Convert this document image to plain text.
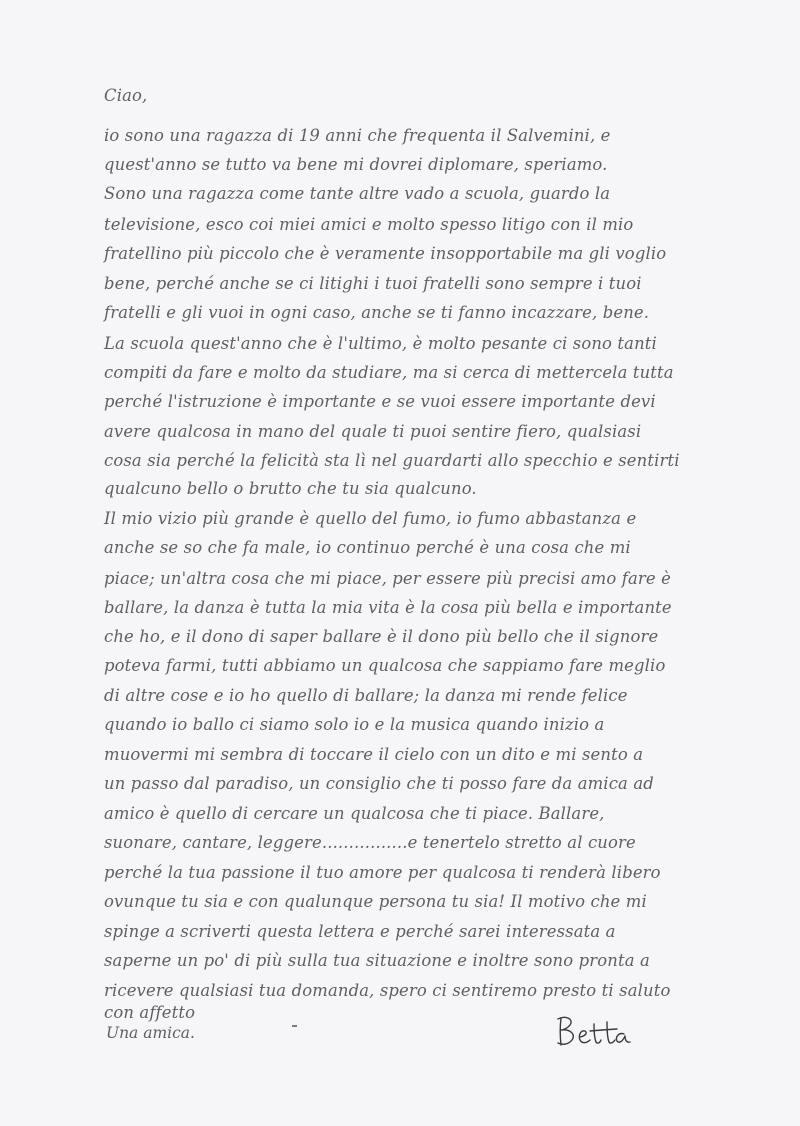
Ciao,
io sono una ragazza di 19 anni che frequenta il Salvemini, e
quest'anno se tutto va bene mi dovrei diplomare, speriamo.
Sono una ragazza come tante altre vado a scuola, guardo la
televisione, esco coi miei amici e molto spesso litigo con il mio
fratellino più piccolo che è veramente insopportabile ma gli voglio
bene, perché anche se ci litighi i tuoi fratelli sono sempre i tuoi
fratelli e gli vuoi in ogni caso, anche se ti fanno incazzare, bene.
La scuola quest'anno che è l'ultimo, è molto pesante ci sono tanti
compiti da fare e molto da studiare, ma si cerca di mettercela tutta
perché l'istruzione è importante e se vuoi essere importante devi
avere qualcosa in mano del quale ti puoi sentire fiero, qualsiasi
cosa sia perché la felicità sta lì nel guardarti allo specchio e sentirti
qualcuno bello o brutto che tu sia qualcuno.
Il mio vizio più grande è quello del fumo, io fumo abbastanza e
anche se so che fa male, io continuo perché è una cosa che mi
piace; un'altra cosa che mi piace, per essere più precisi amo fare è
ballare, la danza è tutta la mia vita è la cosa più bella e importante
che ho, e il dono di saper ballare è il dono più bello che il signore
poteva farmi, tutti abbiamo un qualcosa che sappiamo fare meglio
di altre cose e io ho quello di ballare; la danza mi rende felice
quando io ballo ci siamo solo io e la musica quando inizio a
muovermi mi sembra di toccare il cielo con un dito e mi sento a
un passo dal paradiso, un consiglio che ti posso fare da amica ad
amico è quello di cercare un qualcosa che ti piace. Ballare,
suonare, cantare, leggere................e tenertelo stretto al cuore
perché la tua passione il tuo amore per qualcosa ti renderà libero
ovunque tu sia e con qualunque persona tu sia! Il motivo che mi
spinge a scriverti questa lettera e perché sarei interessata a
saperne un po' di più sulla tua situazione e inoltre sono pronta a
ricevere qualsiasi tua domanda, spero ci sentiremo presto ti saluto
con affetto
Una amica.
